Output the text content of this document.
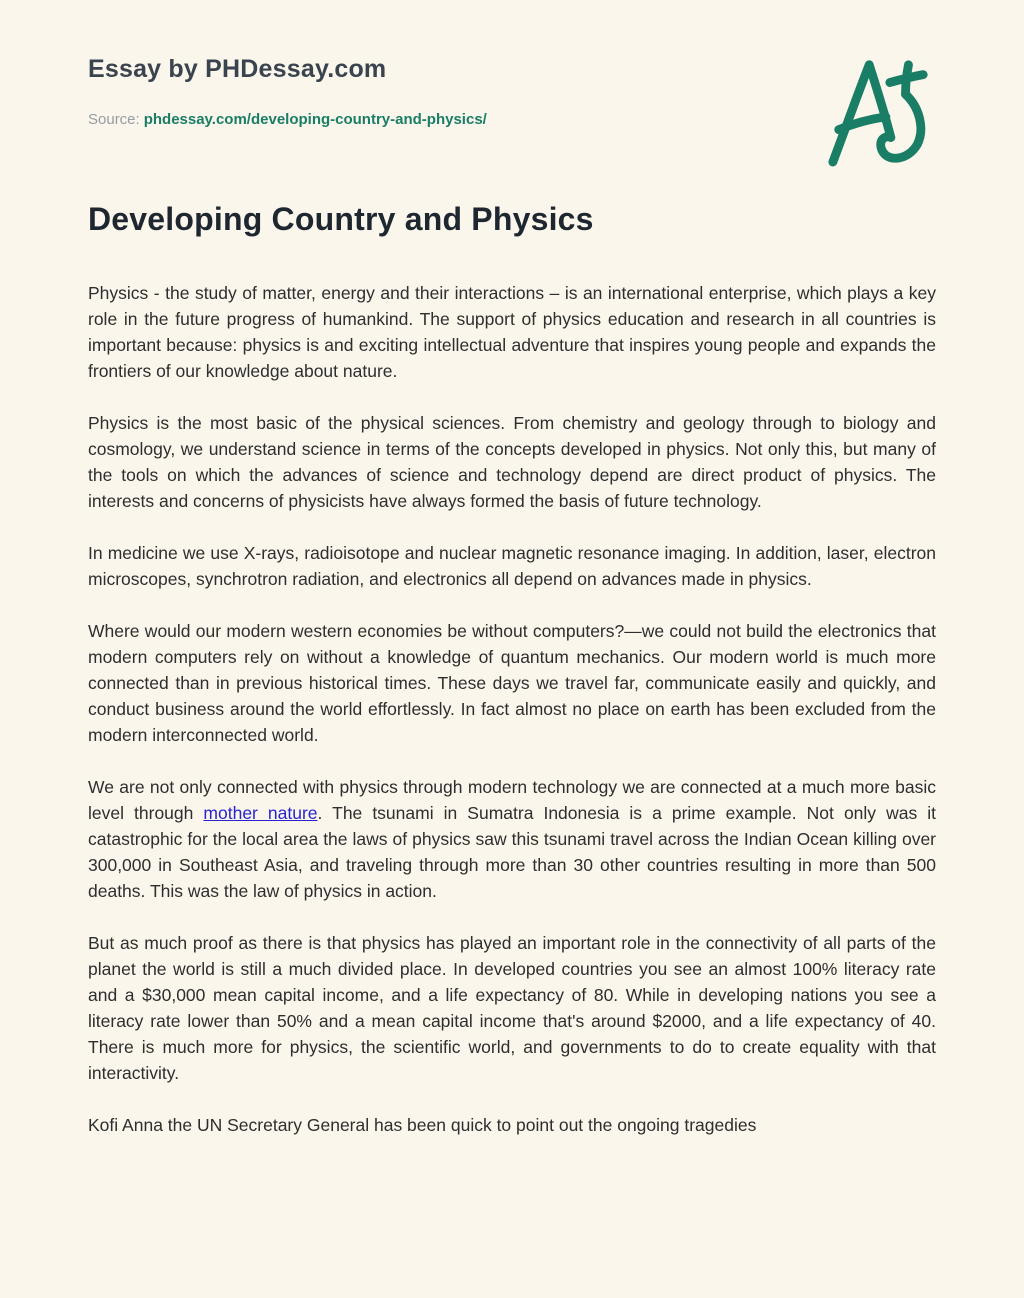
Essay by PHDessay.com
Source: phdessay.com/developing-country-and-physics/
Developing Country and Physics

Physics - the study of matter, energy and their interactions – is an international enterprise, which plays a key role in the future progress of humankind. The support of physics education and research in all countries is important because: physics is and exciting intellectual adventure that inspires young people and expands the frontiers of our knowledge about nature.

Physics is the most basic of the physical sciences. From chemistry and geology through to biology and cosmology, we understand science in terms of the concepts developed in physics. Not only this, but many of the tools on which the advances of science and technology depend are direct product of physics. The interests and concerns of physicists have always formed the basis of future technology.

In medicine we use X-rays, radioisotope and nuclear magnetic resonance imaging. In addition, laser, electron microscopes, synchrotron radiation, and electronics all depend on advances made in physics.

Where would our modern western economies be without computers?—we could not build the electronics that modern computers rely on without a knowledge of quantum mechanics. Our modern world is much more connected than in previous historical times. These days we travel far, communicate easily and quickly, and conduct business around the world effortlessly. In fact almost no place on earth has been excluded from the modern interconnected world.

We are not only connected with physics through modern technology we are connected at a much more basic level through mother nature. The tsunami in Sumatra Indonesia is a prime example. Not only was it catastrophic for the local area the laws of physics saw this tsunami travel across the Indian Ocean killing over 300,000 in Southeast Asia, and traveling through more than 30 other countries resulting in more than 500 deaths. This was the law of physics in action.

But as much proof as there is that physics has played an important role in the connectivity of all parts of the planet the world is still a much divided place. In developed countries you see an almost 100% literacy rate and a $30,000 mean capital income, and a life expectancy of 80. While in developing nations you see a literacy rate lower than 50% and a mean capital income that's around $2000, and a life expectancy of 40. There is much more for physics, the scientific world, and governments to do to create equality with that interactivity.

Kofi Anna the UN Secretary General has been quick to point out the ongoing tragedies
